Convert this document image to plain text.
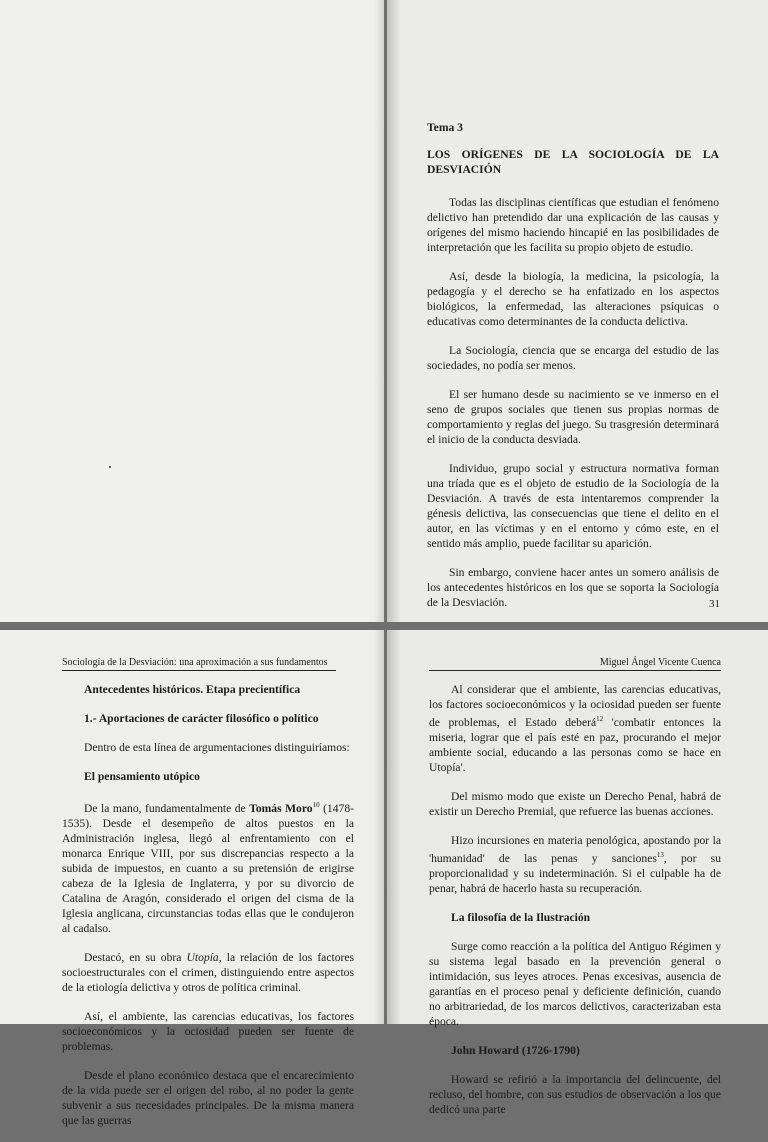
Tema 3
LOS ORÍGENES DE LA SOCIOLOGÍA DE LA DESVIACIÓN

Todas las disciplinas científicas que estudian el fenómeno delictivo han pretendido dar una explicación de las causas y orígenes del mismo haciendo hincapié en las posibilidades de interpretación que les facilita su propio objeto de estudio.

Así, desde la biología, la medicina, la psicología, la pedagogía y el derecho se ha enfatizado en los aspectos biológicos, la enfermedad, las alteraciones psíquicas o educativas como determinantes de la conducta delictiva.

La Sociología, ciencia que se encarga del estudio de las sociedades, no podía ser menos.

El ser humano desde su nacimiento se ve inmerso en el seno de grupos sociales que tienen sus propias normas de comportamiento y reglas del juego. Su trasgresión determinará el inicio de la conducta desviada.

Individuo, grupo social y estructura normativa forman una tríada que es el objeto de estudio de la Sociología de la Desviación. A través de esta intentaremos comprender la génesis delictiva, las consecuencias que tiene el delito en el autor, en las víctimas y en el entorno y cómo este, en el sentido más amplio, puede facilitar su aparición.

Sin embargo, conviene hacer antes un somero análisis de los antecedentes históricos en los que se soporta la Sociología de la Desviación.	31
Sociología de la Desviación: una aproximación a sus fundamentos
Antecedentes históricos. Etapa precientífica
1.- Aportaciones de carácter filosófico o político

Dentro de esta línea de argumentaciones distinguiríamos:

El pensamiento utópico

De la mano, fundamentalmente de Tomás Moro$^{10}$ (1478-1535). Desde el desempeño de altos puestos en la Administración inglesa, llegó al enfrentamiento con el monarca Enrique VIII, por sus discrepancias respecto a la subida de impuestos, en cuanto a su pretensión de erigirse cabeza de la Iglesia de Inglaterra, y por su divorcio de Catalina de Aragón, considerado el origen del cisma de la Iglesia anglicana, circunstancias todas ellas que le condujeron al cadalso.

Destacó, en su obra Utopía, la relación de los factores socioestructurales con el crimen, distinguiendo entre aspectos de la etiología delictiva y otros de política criminal.

Así, el ambiente, las carencias educativas, los factores socioeconómicos y la ociosidad pueden ser fuente de problemas.

Desde el plano económico destaca que el encarecimiento de la vida puede ser el origen del robo, al no poder la gente subvenir a sus necesidades principales. De la misma manera que las guerras

Miguel Ángel Vicente Cuenca

Al considerar que el ambiente, las carencias educativas, los factores socioeconómicos y la ociosidad pueden ser fuente de problemas, el Estado deberá$^{12}$ 'combatir entonces la miseria, lograr que el país esté en paz, procurando el mejor ambiente social, educando a las personas como se hace en Utopía'.

Del mismo modo que existe un Derecho Penal, habrá de existir un Derecho Premial, que refuerce las buenas acciones.

Hizo incursiones en materia penológica, apostando por la 'humanidad' de las penas y sanciones$^{13}$, por su proporcionalidad y su indeterminación. Si el culpable ha de penar, habrá de hacerlo hasta su recuperación.

La filosofía de la Ilustración

Surge como reacción a la política del Antiguo Régimen y su sistema legal basado en la prevención general o intimidación, sus leyes atroces. Penas excesivas, ausencia de garantías en el proceso penal y deficiente definición, cuando no arbitrariedad, de los marcos delictivos, caracterizaban esta época.

John Howard (1726-1790)

Howard se refirió a la importancia del delincuente, del recluso, del hombre, con sus estudios de observación a los que dedicó una parte
